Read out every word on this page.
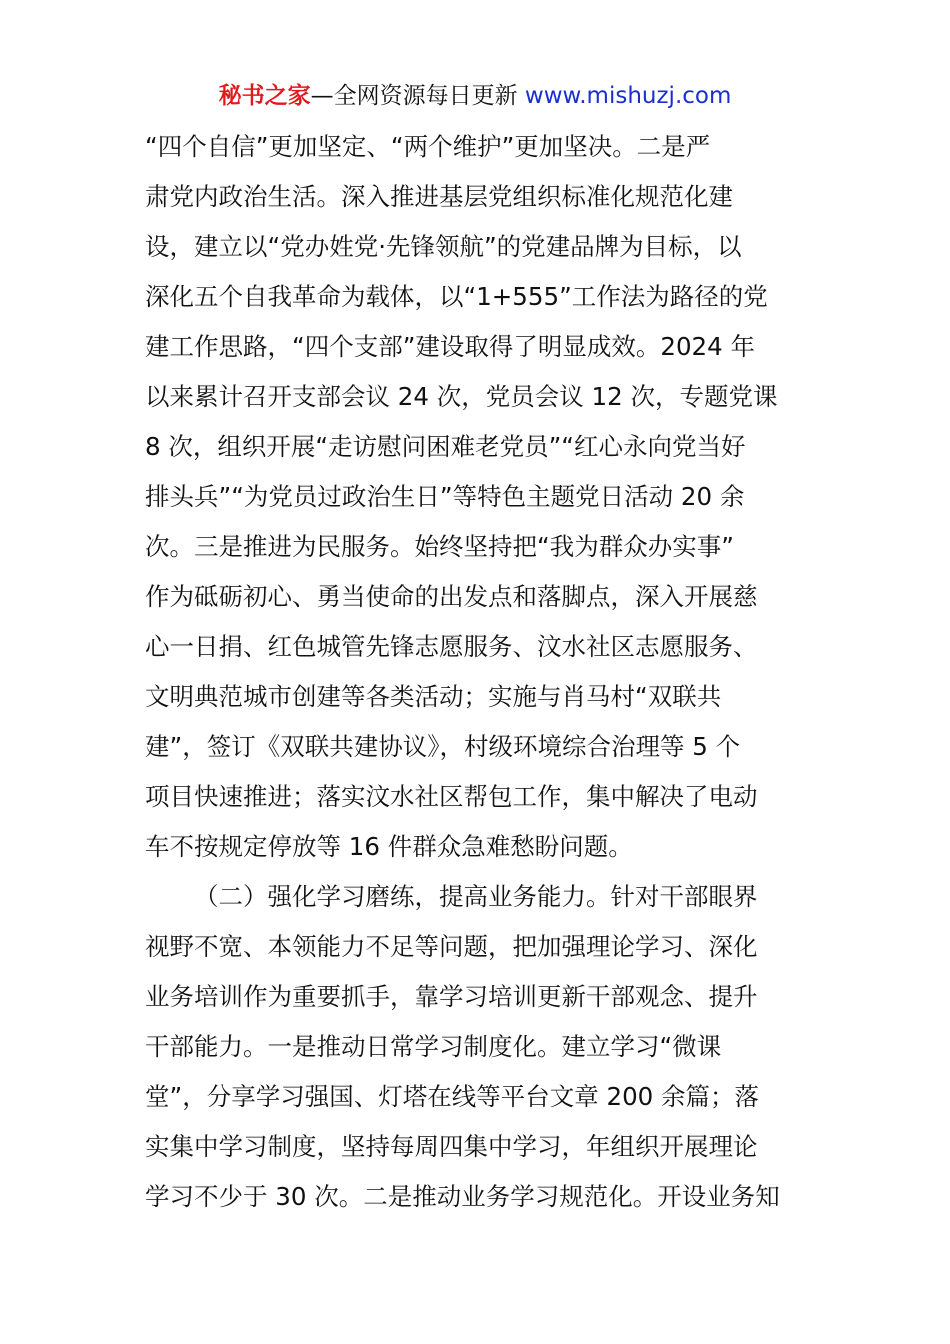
秘书之家—全网资源每日更新 www.mishuzj.com
“四个自信”更加坚定、“两个维护”更加坚决。二是严
肃党内政治生活。深入推进基层党组织标准化规范化建
设，建立以“党办姓党·先锋领航”的党建品牌为目标，以
深化五个自我革命为载体，以“1+555”工作法为路径的党
建工作思路，“四个支部”建设取得了明显成效。2024 年
以来累计召开支部会议 24 次，党员会议 12 次，专题党课
8 次，组织开展“走访慰问困难老党员”“红心永向党当好
排头兵”“为党员过政治生日”等特色主题党日活动 20 余
次。三是推进为民服务。始终坚持把“我为群众办实事”
作为砥砺初心、勇当使命的出发点和落脚点，深入开展慈
心一日捐、红色城管先锋志愿服务、汶水社区志愿服务、
文明典范城市创建等各类活动；实施与肖马村“双联共
建”，签订《双联共建协议》，村级环境综合治理等 5 个
项目快速推进；落实汶水社区帮包工作，集中解决了电动
车不按规定停放等 16 件群众急难愁盼问题。
（二）强化学习磨练，提高业务能力。针对干部眼界
视野不宽、本领能力不足等问题，把加强理论学习、深化
业务培训作为重要抓手，靠学习培训更新干部观念、提升
干部能力。一是推动日常学习制度化。建立学习“微课
堂”，分享学习强国、灯塔在线等平台文章 200 余篇；落
实集中学习制度，坚持每周四集中学习，年组织开展理论
学习不少于 30 次。二是推动业务学习规范化。开设业务知
